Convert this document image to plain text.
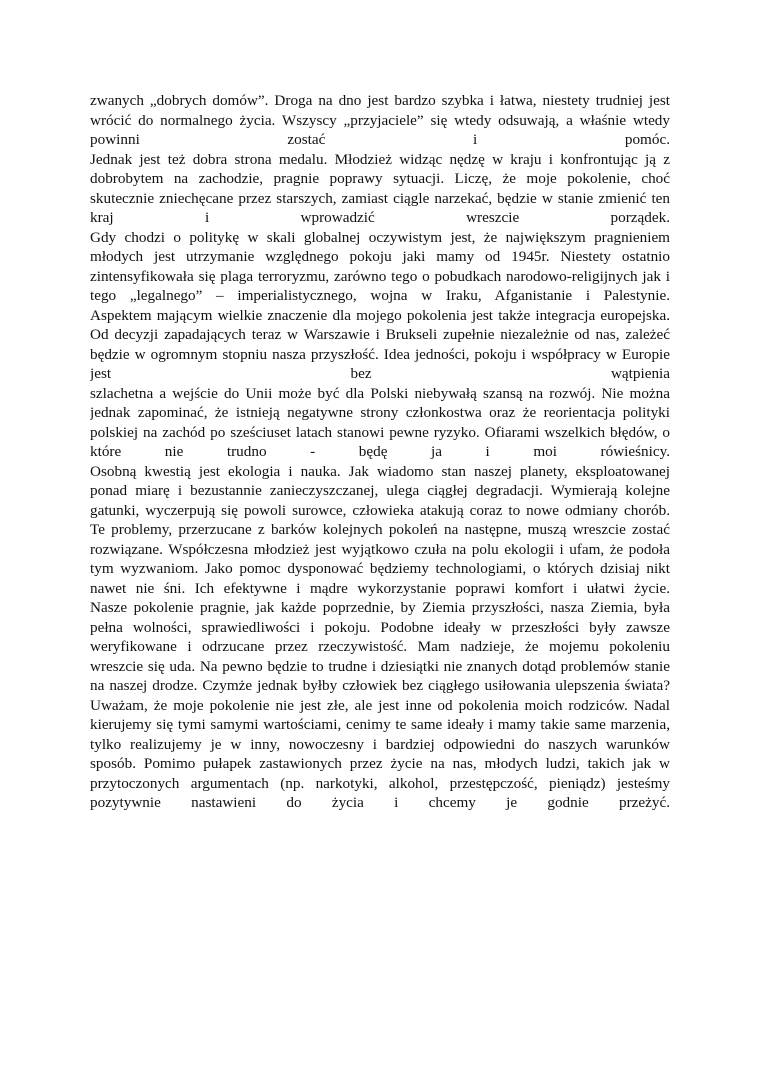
zwanych „dobrych domów”. Droga na dno jest bardzo szybka i łatwa, niestety trudniej jest
wrócić do normalnego życia. Wszyscy „przyjaciele” się wtedy odsuwają, a właśnie wtedy
powinni zostać i pomóc.
Jednak jest też dobra strona medalu. Młodzież widząc nędzę w kraju i konfrontując ją z
dobrobytem na zachodzie, pragnie poprawy sytuacji. Liczę, że moje pokolenie, choć
skutecznie zniechęcane przez starszych, zamiast ciągle narzekać, będzie w stanie zmienić ten
kraj i wprowadzić wreszcie porządek.
Gdy chodzi o politykę w skali globalnej oczywistym jest, że największym pragnieniem
młodych jest utrzymanie względnego pokoju jaki mamy od 1945r. Niestety ostatnio
zintensyfikowała się plaga terroryzmu, zarówno tego o pobudkach narodowo-religijnych jak i
tego „legalnego” – imperialistycznego, wojna w Iraku, Afganistanie i Palestynie.
Aspektem mającym wielkie znaczenie dla mojego pokolenia jest także integracja europejska.
Od decyzji zapadających teraz w Warszawie i Brukseli zupełnie niezależnie od nas, zależeć
będzie w ogromnym stopniu nasza przyszłość. Idea jedności, pokoju i współpracy w Europie
jest bez wątpienia
szlachetna a wejście do Unii może być dla Polski niebywałą szansą na rozwój. Nie można
jednak zapominać, że istnieją negatywne strony członkostwa oraz że reorientacja polityki
polskiej na zachód po sześciuset latach stanowi pewne ryzyko. Ofiarami wszelkich błędów, o
które nie trudno - będę ja i moi rówieśnicy.
Osobną kwestią jest ekologia i nauka. Jak wiadomo stan naszej planety, eksploatowanej
ponad miarę i bezustannie zanieczyszczanej, ulega ciągłej degradacji. Wymierają kolejne
gatunki, wyczerpują się powoli surowce, człowieka atakują coraz to nowe odmiany chorób.
Te problemy, przerzucane z barków kolejnych pokoleń na następne, muszą wreszcie zostać
rozwiązane. Współczesna młodzież jest wyjątkowo czuła na polu ekologii i ufam, że podoła
tym wyzwaniom. Jako pomoc dysponować będziemy technologiami, o których dzisiaj nikt
nawet nie śni. Ich efektywne i mądre wykorzystanie poprawi komfort i ułatwi życie.
Nasze pokolenie pragnie, jak każde poprzednie, by Ziemia przyszłości, nasza Ziemia, była
pełna wolności, sprawiedliwości i pokoju. Podobne ideały w przeszłości były zawsze
weryfikowane i odrzucane przez rzeczywistość. Mam nadzieje, że mojemu pokoleniu
wreszcie się uda. Na pewno będzie to trudne i dziesiątki nie znanych dotąd problemów stanie
na naszej drodze. Czymże jednak byłby człowiek bez ciągłego usiłowania ulepszenia świata?
Uważam, że moje pokolenie nie jest złe, ale jest inne od pokolenia moich rodziców. Nadal
kierujemy się tymi samymi wartościami, cenimy te same ideały i mamy takie same marzenia,
tylko realizujemy je w inny, nowoczesny i bardziej odpowiedni do naszych warunków
sposób. Pomimo pułapek zastawionych przez życie na nas, młodych ludzi, takich jak w
przytoczonych argumentach (np. narkotyki, alkohol, przestępczość, pieniądz) jesteśmy
pozytywnie nastawieni do życia i chcemy je godnie przeżyć.
